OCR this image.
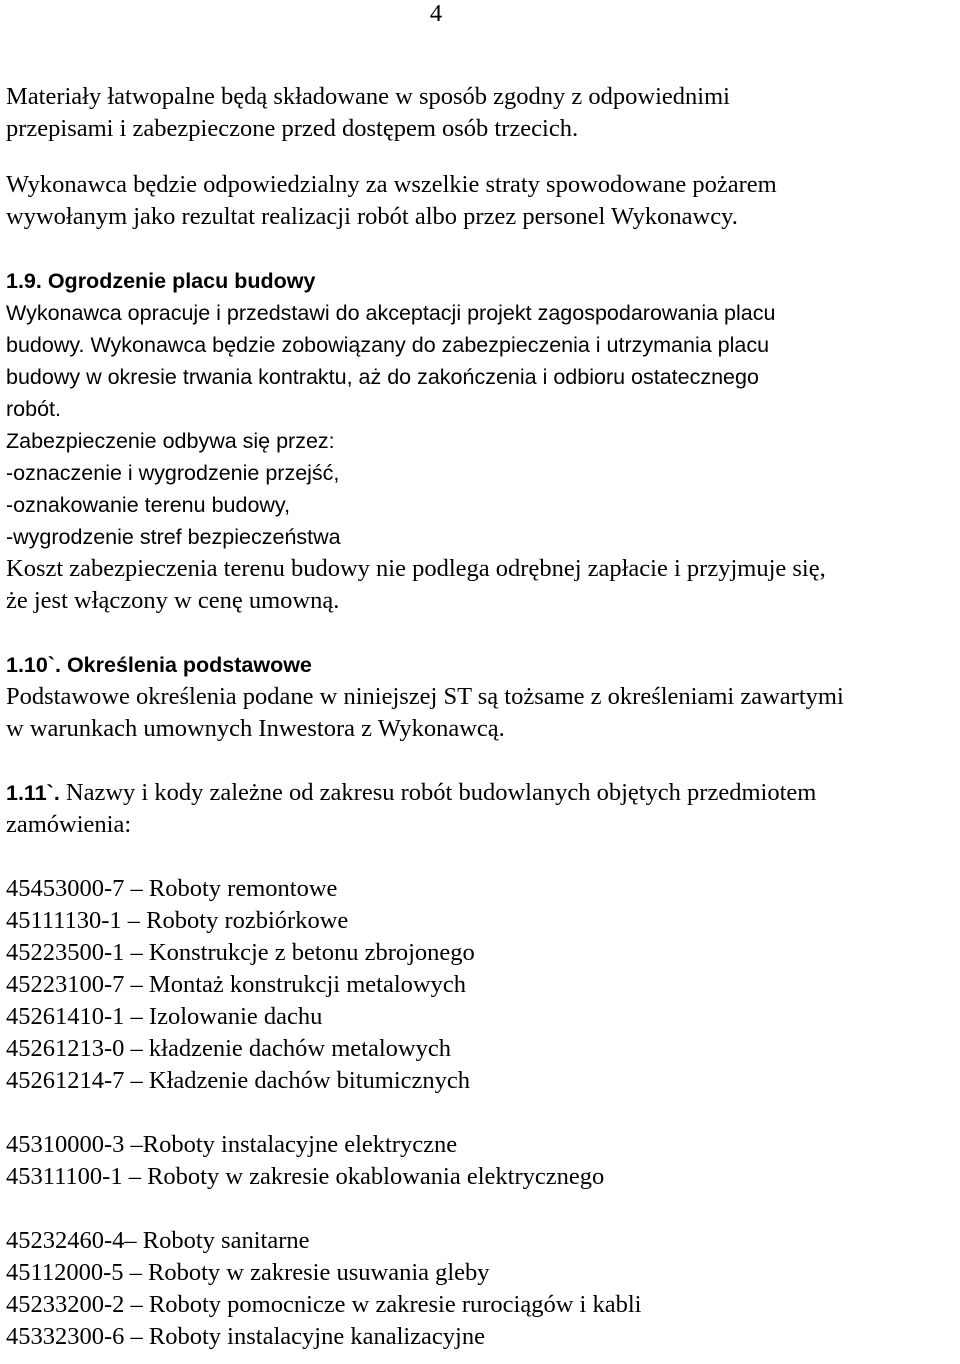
4

Materiały łatwopalne będą składowane w sposób zgodny z odpowiednimi

przepisami i zabezpieczone przed dostępem osób trzecich.

Wykonawca będzie odpowiedzialny za wszelkie straty spowodowane pożarem

wywołanym jako rezultat realizacji robót albo przez personel Wykonawcy.

1.9. Ogrodzenie placu budowy

Wykonawca opracuje i przedstawi do akceptacji projekt zagospodarowania placu

budowy. Wykonawca będzie zobowiązany do zabezpieczenia i utrzymania placu

budowy w okresie trwania kontraktu, aż do zakończenia i odbioru ostatecznego

robót.

Zabezpieczenie odbywa się przez:

-oznaczenie i wygrodzenie przejść,

-oznakowanie terenu budowy,

-wygrodzenie stref bezpieczeństwa

Koszt zabezpieczenia terenu budowy nie podlega odrębnej zapłacie i przyjmuje się,

że jest włączony w cenę umowną.

1.10`. Określenia podstawowe

Podstawowe określenia podane w niniejszej ST są tożsame z określeniami zawartymi

w warunkach umownych Inwestora z Wykonawcą.

1.11`. Nazwy i kody zależne od zakresu robót budowlanych objętych przedmiotem

zamówienia:

45453000-7 – Roboty remontowe

45111130-1 – Roboty rozbiórkowe

45223500-1 – Konstrukcje z betonu zbrojonego

45223100-7 – Montaż konstrukcji metalowych

45261410-1 – Izolowanie dachu

45261213-0 – kładzenie dachów metalowych

45261214-7 – Kładzenie dachów bitumicznych

45310000-3 –Roboty instalacyjne elektryczne

45311100-1 – Roboty w zakresie okablowania elektrycznego

45232460-4– Roboty sanitarne

45112000-5 – Roboty w zakresie usuwania gleby

45233200-2 – Roboty pomocnicze w zakresie rurociągów i kabli

45332300-6 – Roboty instalacyjne kanalizacyjne
